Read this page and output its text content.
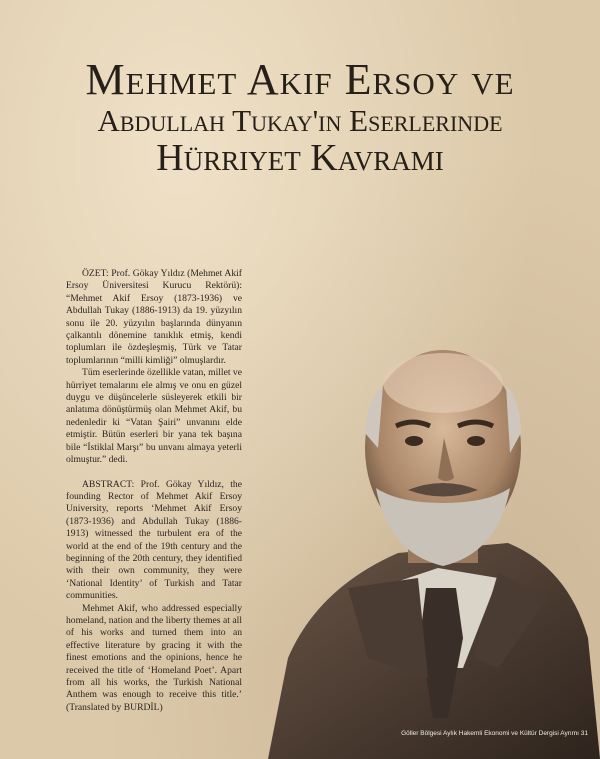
Mehmet Akif Ersoy ve
Abdullah Tukay'ın Eserlerinde
Hürriyet Kavramı

ÖZET: Prof. Gökay Yıldız (Mehmet Akif Ersoy Üniversitesi Kurucu Rektörü): “Mehmet Akif Ersoy (1873-1936) ve Abdullah Tukay (1886-1913) da 19. yüzyılın sonu ile 20. yüzyılın başlarında dünyanın çalkantılı dönemine tanıklık etmiş, kendi toplumları ile özdeşleşmiş, Türk ve Tatar toplumlarının “milli kimliği” olmuşlardır.

Tüm eserlerinde özellikle vatan, millet ve hürriyet temalarını ele almış ve onu en güzel duygu ve düşüncelerle süsleyerek etkili bir anlatıma dönüştürmüş olan Mehmet Akif, bu nedenledir ki “Vatan Şairi” unvanını elde etmiştir. Bütün eserleri bir yana tek başına bile “İstiklal Marşı” bu unvanı almaya yeterli olmuştur.” dedi.

ABSTRACT: Prof. Gökay Yıldız, the founding Rector of Mehmet Akif Ersoy University, reports ‘Mehmet Akif Ersoy (1873-1936) and Abdullah Tukay (1886-1913) witnessed the turbulent era of the world at the end of the 19th century and the beginning of the 20th century, they identified with their own community, they were ‘National Identity’ of Turkish and Tatar communities.

Mehmet Akif, who addressed especially homeland, nation and the liberty themes at all of his works and turned them into an effective literature by gracing it with the finest emotions and the opinions, hence he received the title of ‘Homeland Poet’. Apart from all his works, the Turkish National Anthem was enough to receive this title.’ (Translated by BURDİL)

Göller Bölgesi Aylık Hakemli Ekonomi ve Kültür Dergisi Ayrımı 31
